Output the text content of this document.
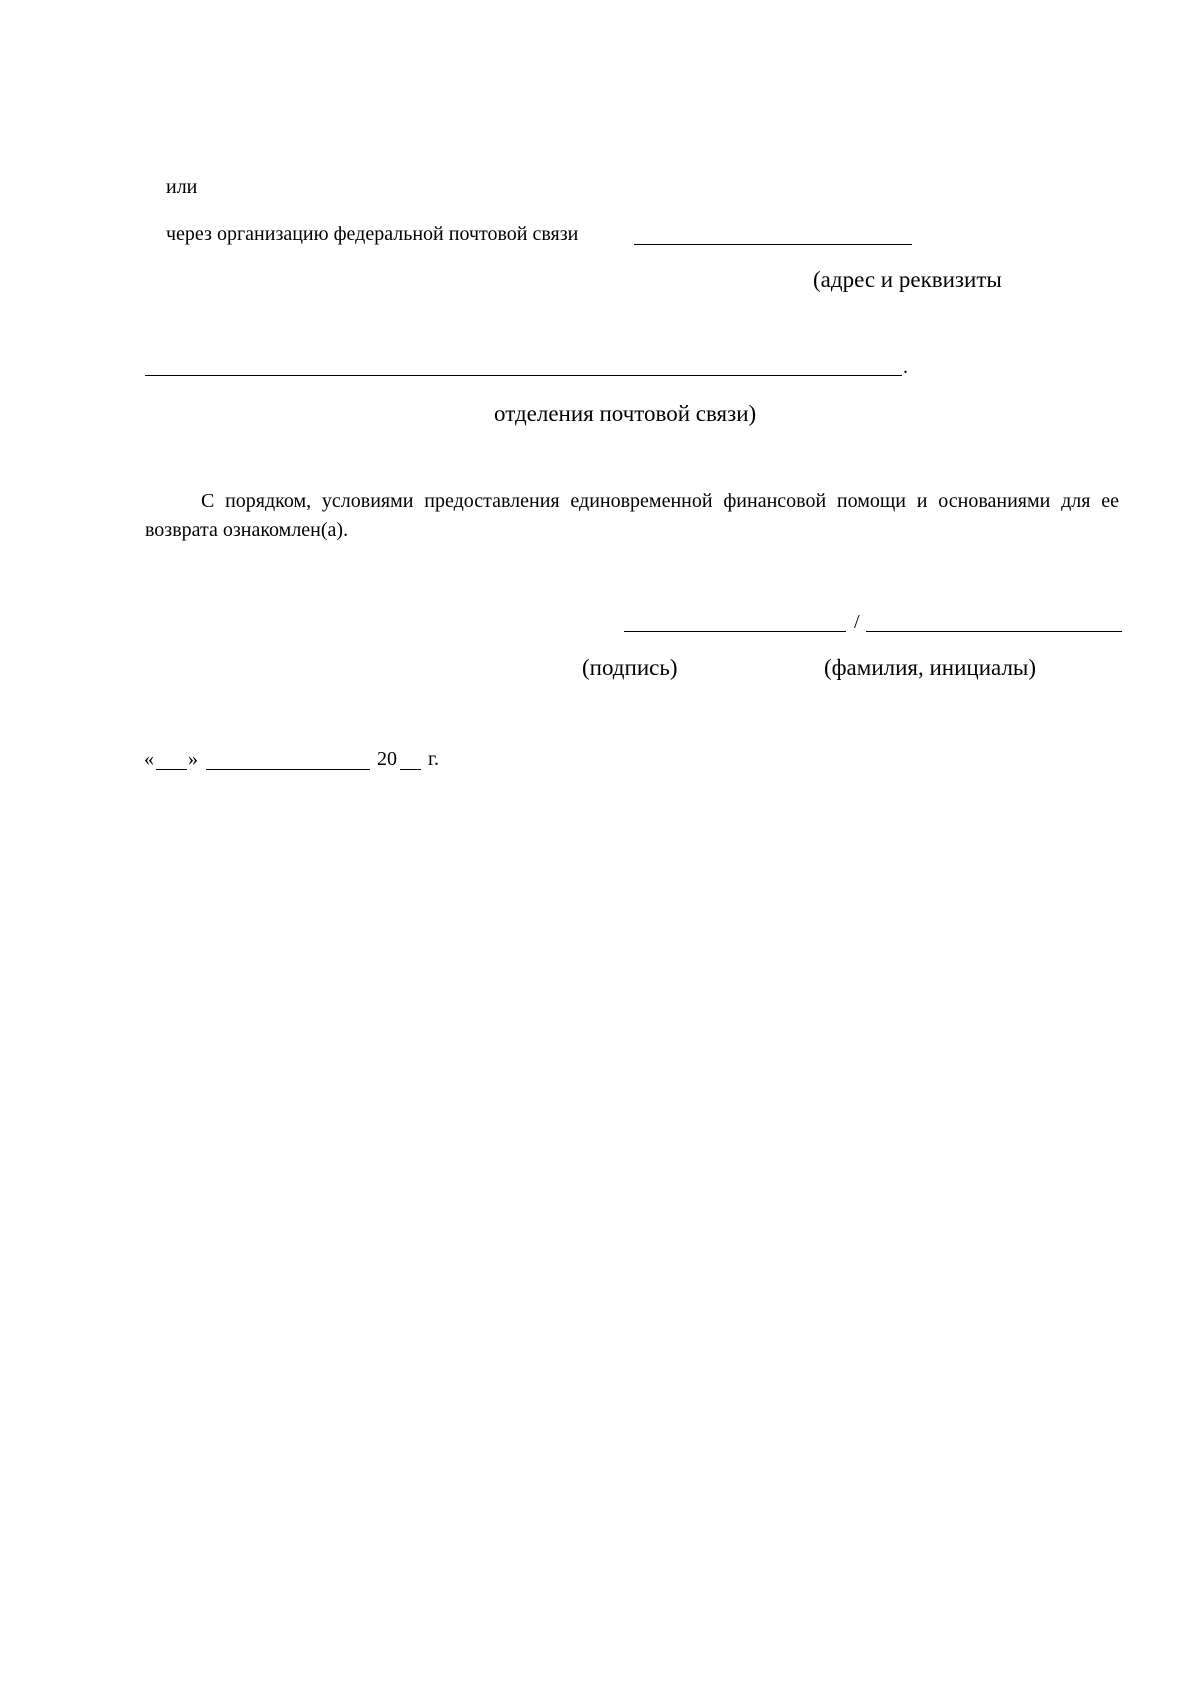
или
через организацию федеральной почтовой связи
(адрес и реквизиты
.
отделения почтовой связи)
С порядком, условиями предоставления единовременной финансовой помощи и основаниями для ее возврата ознакомлен(а).
/
(подпись)	(фамилия, инициалы)
« »	20 г.
